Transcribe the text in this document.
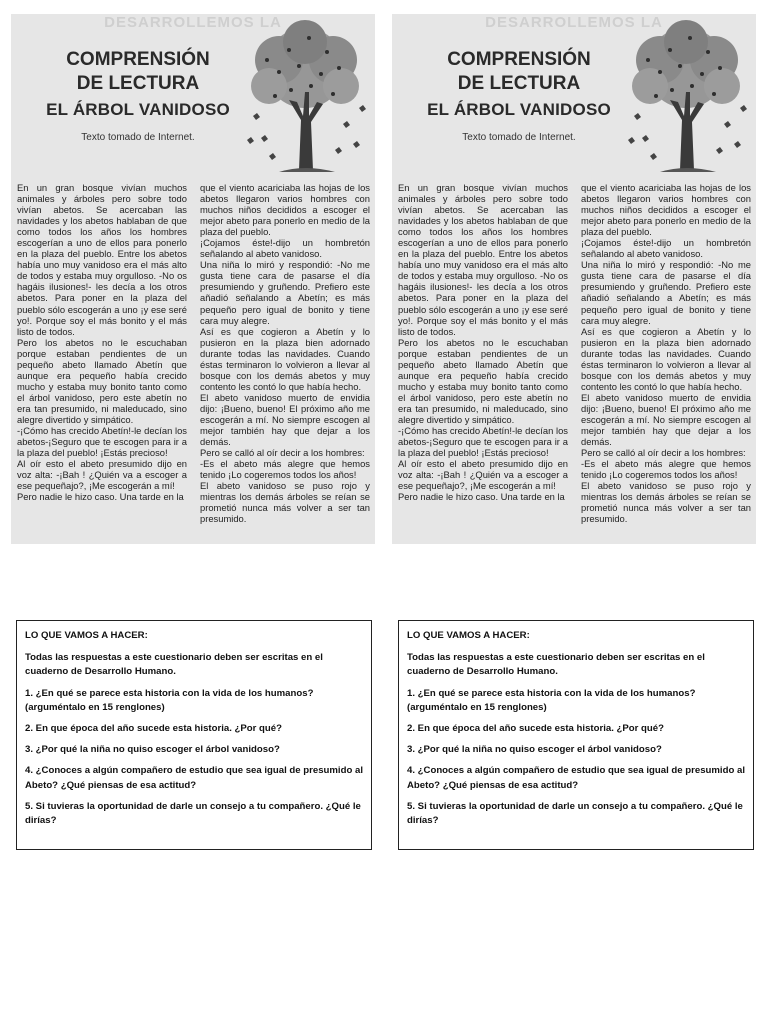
DESARROLLEMOS LA

COMPRENSIÓN

DE LECTURA

EL ÁRBOL VANIDOSO

Texto tomado de Internet.

En un gran bosque vivían muchos animales y árboles pero sobre todo vivían abetos. Se acercaban las navidades y los abetos hablaban de que como todos los años los hombres escogerían a uno de ellos para ponerlo en la plaza del pueblo. Entre los abetos había uno muy vanidoso era el más alto de todos y estaba muy orgulloso. -No os hagáis ilusiones!- les decía a los otros abetos. Para poner en la plaza del pueblo sólo escogerán a uno ¡y ese seré yo!. Porque soy el más bonito y el más listo de todos.

Pero los abetos no le escuchaban porque estaban pendientes de un pequeño abeto llamado Abetín que aunque era pequeño había crecido mucho y estaba muy bonito tanto como el árbol vanidoso, pero este abetín no era tan presumido, ni maleducado, sino alegre divertido y simpático.

-¡Cómo has crecido Abetín!-le decían los abetos-¡Seguro que te escogen para ir a la plaza del pueblo! ¡Estás precioso!

Al oír esto el abeto presumido dijo en voz alta: -¡Bah ! ¿Quién va a escoger a ese pequeñajo?, ¡Me escogerán a mí!

Pero nadie le hizo caso. Una tarde en la

que el viento acariciaba las hojas de los abetos llegaron varios hombres con muchos niños decididos a escoger el mejor abeto para ponerlo en medio de la plaza del pueblo.

¡Cojamos éste!-dijo un hombretón señalando al abeto vanidoso.

Una niña lo miró y respondió: -No me gusta tiene cara de pasarse el día presumiendo y gruñendo. Prefiero este añadió señalando a Abetín; es más pequeño pero igual de bonito y tiene cara muy alegre.

Así es que cogieron a Abetín y lo pusieron en la plaza bien adornado durante todas las navidades. Cuando éstas terminaron lo volvieron a llevar al bosque con los demás abetos y muy contento les contó lo que había hecho.

El abeto vanidoso muerto de envidia dijo: ¡Bueno, bueno! El próximo año me escogerán a mí. No siempre escogen al mejor también hay que dejar a los demás.

Pero se calló al oír decir a los hombres:

-Es el abeto más alegre que hemos tenido ¡Lo cogeremos todos los años!

El abeto vanidoso se puso rojo y mientras los demás árboles se reían se prometió nunca más volver a ser tan presumido.

DESARROLLEMOS LA

COMPRENSIÓN

DE LECTURA

EL ÁRBOL VANIDOSO

Texto tomado de Internet.

En un gran bosque vivían muchos animales y árboles pero sobre todo vivían abetos. Se acercaban las navidades y los abetos hablaban de que como todos los años los hombres escogerían a uno de ellos para ponerlo en la plaza del pueblo. Entre los abetos había uno muy vanidoso era el más alto de todos y estaba muy orgulloso. -No os hagáis ilusiones!- les decía a los otros abetos. Para poner en la plaza del pueblo sólo escogerán a uno ¡y ese seré yo!. Porque soy el más bonito y el más listo de todos.

Pero los abetos no le escuchaban porque estaban pendientes de un pequeño abeto llamado Abetín que aunque era pequeño había crecido mucho y estaba muy bonito tanto como el árbol vanidoso, pero este abetín no era tan presumido, ni maleducado, sino alegre divertido y simpático.

-¡Cómo has crecido Abetín!-le decían los abetos-¡Seguro que te escogen para ir a la plaza del pueblo! ¡Estás precioso!

Al oír esto el abeto presumido dijo en voz alta: -¡Bah ! ¿Quién va a escoger a ese pequeñajo?, ¡Me escogerán a mí!

Pero nadie le hizo caso. Una tarde en la

que el viento acariciaba las hojas de los abetos llegaron varios hombres con muchos niños decididos a escoger el mejor abeto para ponerlo en medio de la plaza del pueblo.

¡Cojamos éste!-dijo un hombretón señalando al abeto vanidoso.

Una niña lo miró y respondió: -No me gusta tiene cara de pasarse el día presumiendo y gruñendo. Prefiero este añadió señalando a Abetín; es más pequeño pero igual de bonito y tiene cara muy alegre.

Así es que cogieron a Abetín y lo pusieron en la plaza bien adornado durante todas las navidades. Cuando éstas terminaron lo volvieron a llevar al bosque con los demás abetos y muy contento les contó lo que había hecho.

El abeto vanidoso muerto de envidia dijo: ¡Bueno, bueno! El próximo año me escogerán a mí. No siempre escogen al mejor también hay que dejar a los demás.

Pero se calló al oír decir a los hombres:

-Es el abeto más alegre que hemos tenido ¡Lo cogeremos todos los años!

El abeto vanidoso se puso rojo y mientras los demás árboles se reían se prometió nunca más volver a ser tan presumido.

LO QUE VAMOS A HACER:

Todas las respuestas a este cuestionario deben ser escritas en el cuaderno de Desarrollo Humano.

1. ¿En qué se parece esta historia con la vida de los humanos? (arguméntalo en 15 renglones)

2. En que época del año sucede esta historia. ¿Por qué?

3. ¿Por qué la niña no quiso escoger el árbol vanidoso?

4. ¿Conoces a algún compañero de estudio que sea igual de presumido al Abeto? ¿Qué piensas de esa actitud?

5. Si tuvieras la oportunidad de darle un consejo a tu compañero. ¿Qué le dirías?

LO QUE VAMOS A HACER:

Todas las respuestas a este cuestionario deben ser escritas en el cuaderno de Desarrollo Humano.

1. ¿En qué se parece esta historia con la vida de los humanos? (arguméntalo en 15 renglones)

2. En que época del año sucede esta historia. ¿Por qué?

3. ¿Por qué la niña no quiso escoger el árbol vanidoso?

4. ¿Conoces a algún compañero de estudio que sea igual de presumido al Abeto? ¿Qué piensas de esa actitud?

5. Si tuvieras la oportunidad de darle un consejo a tu compañero. ¿Qué le dirías?
